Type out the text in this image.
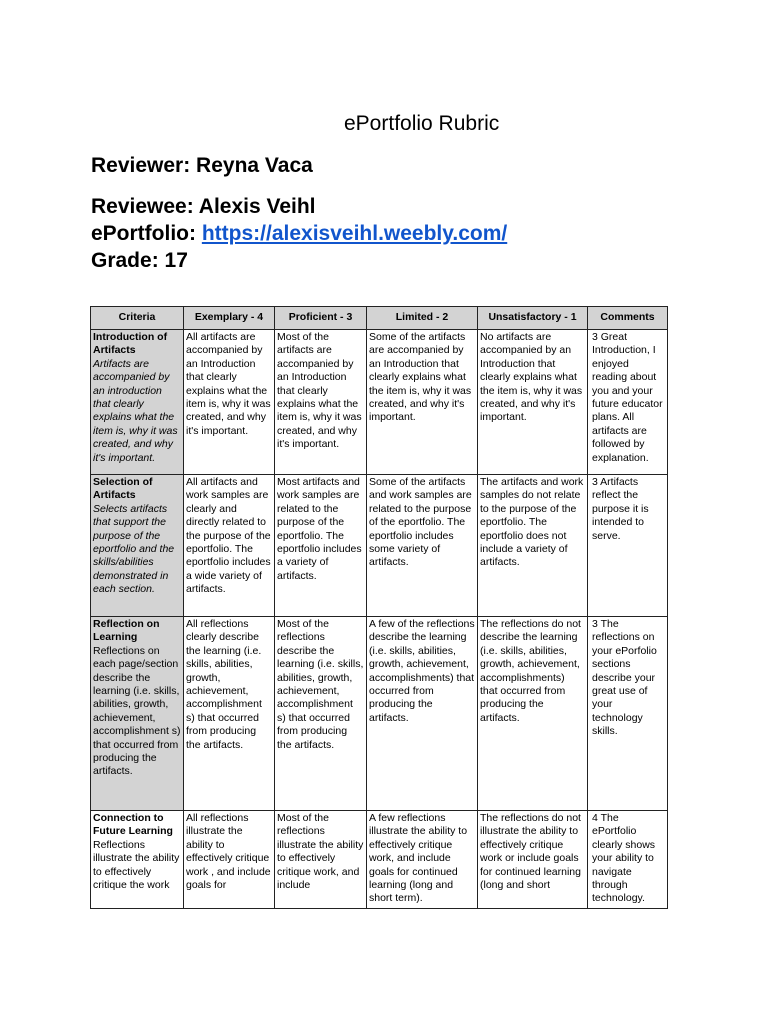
ePortfolio Rubric
Reviewer: Reyna Vaca
Reviewee: Alexis Veihl
ePortfolio: https://alexisveihl.weebly.com/
Grade: 17
Criteria	Exemplary - 4	Proficient - 3	Limited - 2	Unsatisfactory - 1	Comments

Introduction of Artifacts
Artifacts are accompanied by an introduction that clearly explains what the item is, why it was created, and why it's important.	All artifacts are accompanied by an Introduction that clearly explains what the item is, why it was created, and why it's important.	Most of the artifacts are accompanied by an Introduction that clearly explains what the item is, why it was created, and why it's important.	Some of the artifacts are accompanied by an Introduction that clearly explains what the item is, why it was created, and why it's important.	No artifacts are accompanied by an Introduction that clearly explains what the item is, why it was created, and why it's important.	3 Great Introduction, I enjoyed reading about you and your future educator plans. All artifacts are followed by explanation.

Selection of Artifacts
Selects artifacts that support the purpose of the eportfolio and the skills/abilities demonstrated in each section.	All artifacts and work samples are clearly and directly related to the purpose of the eportfolio. The eportfolio includes a wide variety of artifacts.	Most artifacts and work samples are related to the purpose of the eportfolio. The eportfolio includes a variety of artifacts.	Some of the artifacts and work samples are related to the purpose of the eportfolio. The eportfolio includes some variety of artifacts.	The artifacts and work samples do not relate to the purpose of the eportfolio. The eportfolio does not include a variety of artifacts.	3 Artifacts reflect the purpose it is intended to serve.

Reflection on Learning
Reflections on each page/section describe the learning (i.e. skills, abilities, growth, achievement, accomplishment s) that occurred from producing the artifacts.	All reflections clearly describe the learning (i.e. skills, abilities, growth, achievement, accomplishment s) that occurred from producing the artifacts.	Most of the reflections describe the learning (i.e. skills, abilities, growth, achievement, accomplishment s) that occurred from producing the artifacts.	A few of the reflections describe the learning (i.e. skills, abilities, growth, achievement, accomplishments) that occurred from producing the artifacts.	The reflections do not describe the learning (i.e. skills, abilities, growth, achievement, accomplishments) that occurred from producing the artifacts.	3 The reflections on your ePorfolio sections describe your great use of your technology skills.

Connection to Future Learning
Reflections illustrate the ability to effectively critique the work	All reflections illustrate the ability to effectively critique work , and include goals for	Most of the reflections illustrate the ability to effectively critique work, and include	A few reflections illustrate the ability to effectively critique work, and include goals for continued learning (long and short term).	The reflections do not illustrate the ability to effectively critique work or include goals for continued learning (long and short	4 The ePortfolio clearly shows your ability to navigate through technology.
